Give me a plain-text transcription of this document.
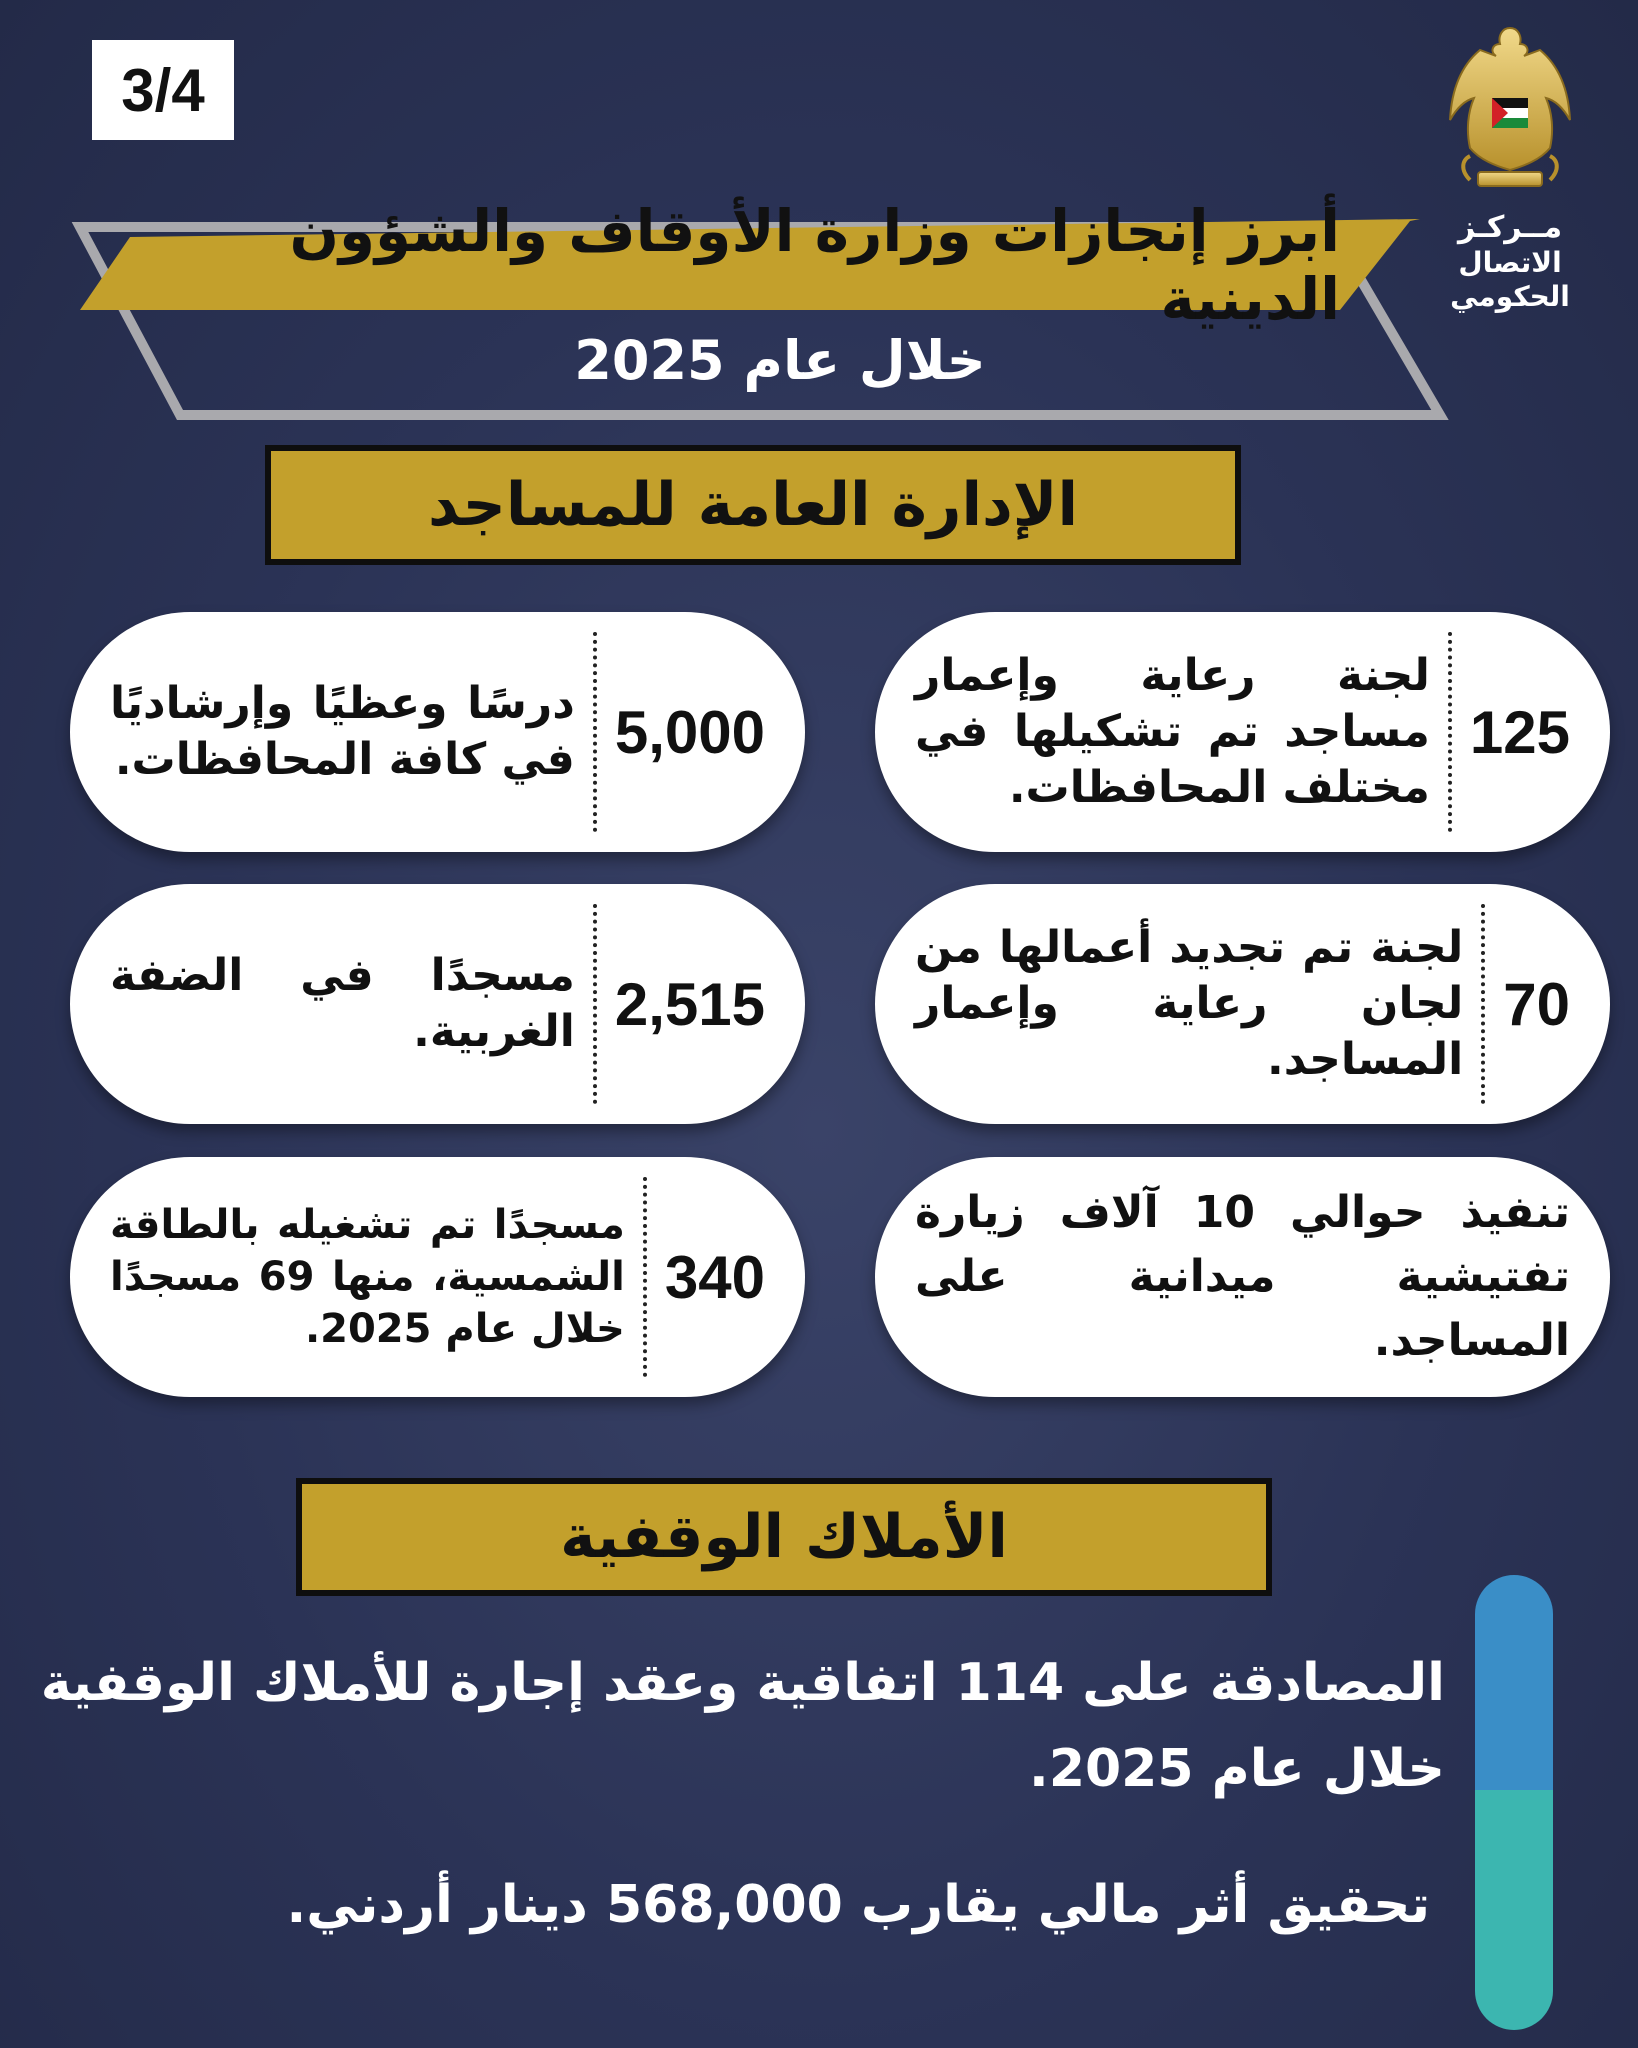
3/4
مــركـز
الاتصال الحكومي
أبرز إنجازات وزارة الأوقاف والشؤون الدينية
خلال عام 2025
الإدارة العامة للمساجد
125
لجنة رعاية وإعمار مساجد تم تشكيلها في مختلف المحافظات.
5,000
درسًا وعظيًا وإرشاديًا في كافة المحافظات.
70
لجنة تم تجديد أعمالها من لجان رعاية وإعمار المساجد.
2,515
مسجدًا في الضفة الغربية.
تنفيذ حوالي 10 آلاف زيارة تفتيشية ميدانية على المساجد.
340
مسجدًا تم تشغيله بالطاقة الشمسية، منها 69 مسجدًا خلال عام 2025.
الأملاك الوقفية
المصادقة على 114 اتفاقية وعقد إجارة للأملاك الوقفية خلال عام 2025.
تحقيق أثر مالي يقارب 568,000 دينار أردني.
